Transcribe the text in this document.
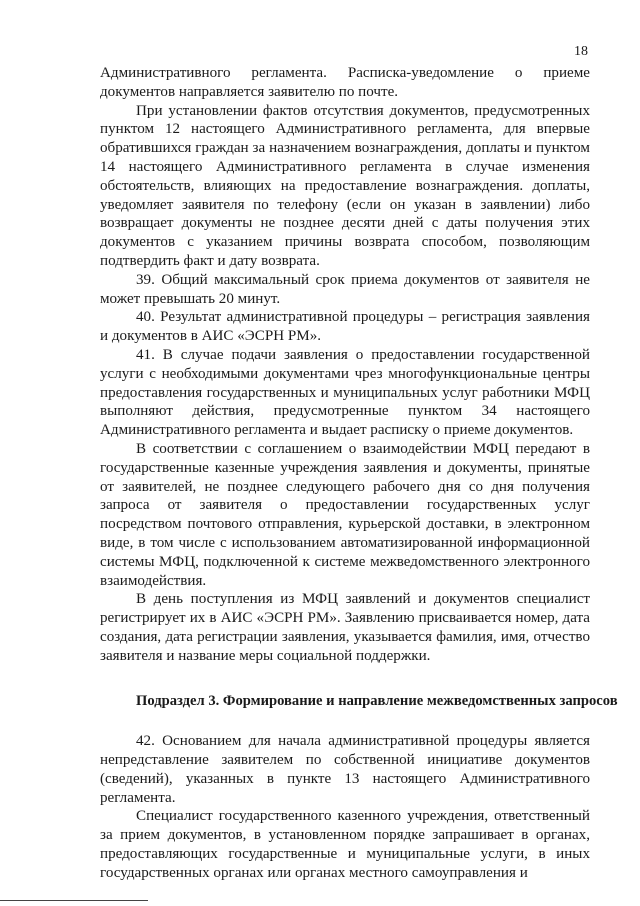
18

Административного регламента. Расписка-уведомление о приеме документов направляется заявителю по почте.

При установлении фактов отсутствия документов, предусмотренных пунктом 12 настоящего Административного регламента, для впервые обратившихся граждан за назначением вознаграждения, доплаты и пунктом 14 настоящего Административного регламента в случае изменения обстоятельств, влияющих на предоставление вознаграждения. доплаты, уведомляет заявителя по телефону (если он указан в заявлении) либо возвращает документы не позднее десяти дней с даты получения этих документов с указанием причины возврата способом, позволяющим подтвердить факт и дату возврата.

39. Общий максимальный срок приема документов от заявителя не может превышать 20 минут.

40. Результат административной процедуры – регистрация заявления и документов в АИС «ЭСРН РМ».

41. В случае подачи заявления о предоставлении государственной услуги с необходимыми документами чрез многофункциональные центры предоставления государственных и муниципальных услуг работники МФЦ выполняют действия, предусмотренные пунктом 34 настоящего Административного регламента и выдает расписку о приеме документов.

В соответствии с соглашением о взаимодействии МФЦ передают в государственные казенные учреждения заявления и документы, принятые от заявителей, не позднее следующего рабочего дня со дня получения запроса от заявителя о предоставлении государственных услуг посредством почтового отправления, курьерской доставки, в электронном виде, в том числе с использованием автоматизированной информационной системы МФЦ, подключенной к системе межведомственного электронного взаимодействия.

В день поступления из МФЦ заявлений и документов специалист регистрирует их в АИС «ЭСРН РМ». Заявлению присваивается номер, дата создания, дата регистрации заявления, указывается фамилия, имя, отчество заявителя и название меры социальной поддержки.

Подраздел 3. Формирование и направление межведомственных запросов

42. Основанием для начала административной процедуры является непредставление заявителем по собственной инициативе документов (сведений), указанных в пункте 13 настоящего Административного регламента.

Специалист государственного казенного учреждения, ответственный за прием документов, в установленном порядке запрашивает в органах, предоставляющих государственные и муниципальные услуги, в иных государственных органах или органах местного самоуправления и
